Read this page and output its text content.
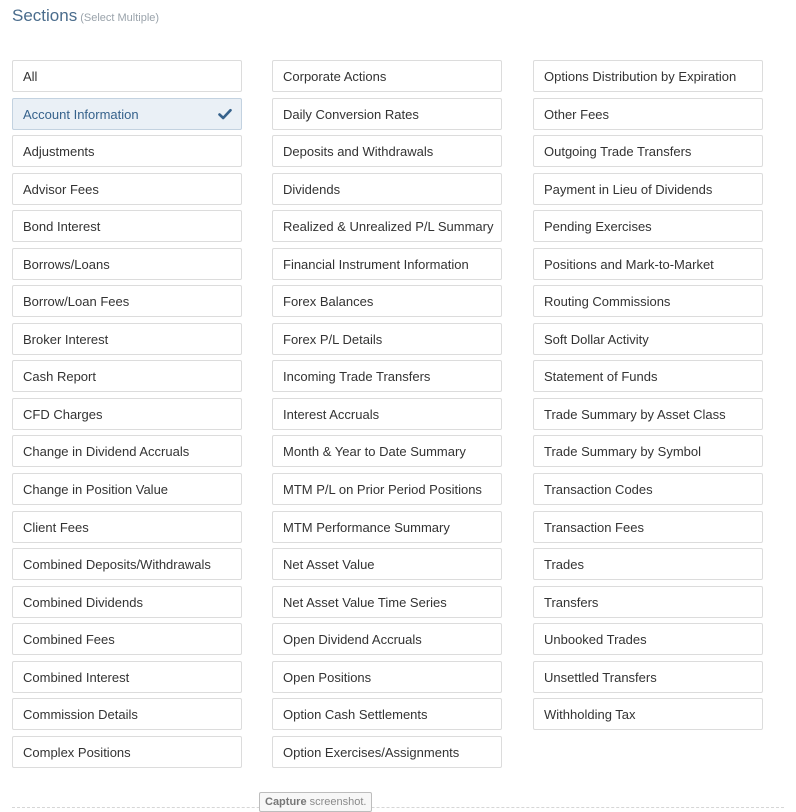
Sections (Select Multiple)
All
Account Information
Adjustments
Advisor Fees
Bond Interest
Borrows/Loans
Borrow/Loan Fees
Broker Interest
Cash Report
CFD Charges
Change in Dividend Accruals
Change in Position Value
Client Fees
Combined Deposits/Withdrawals
Combined Dividends
Combined Fees
Combined Interest
Commission Details
Complex Positions
Corporate Actions
Daily Conversion Rates
Deposits and Withdrawals
Dividends
Realized & Unrealized P/L Summary
Financial Instrument Information
Forex Balances
Forex P/L Details
Incoming Trade Transfers
Interest Accruals
Month & Year to Date Summary
MTM P/L on Prior Period Positions
MTM Performance Summary
Net Asset Value
Net Asset Value Time Series
Open Dividend Accruals
Open Positions
Option Cash Settlements
Option Exercises/Assignments
Options Distribution by Expiration
Other Fees
Outgoing Trade Transfers
Payment in Lieu of Dividends
Pending Exercises
Positions and Mark-to-Market
Routing Commissions
Soft Dollar Activity
Statement of Funds
Trade Summary by Asset Class
Trade Summary by Symbol
Transaction Codes
Transaction Fees
Trades
Transfers
Unbooked Trades
Unsettled Transfers
Withholding Tax
Capture screenshot.
